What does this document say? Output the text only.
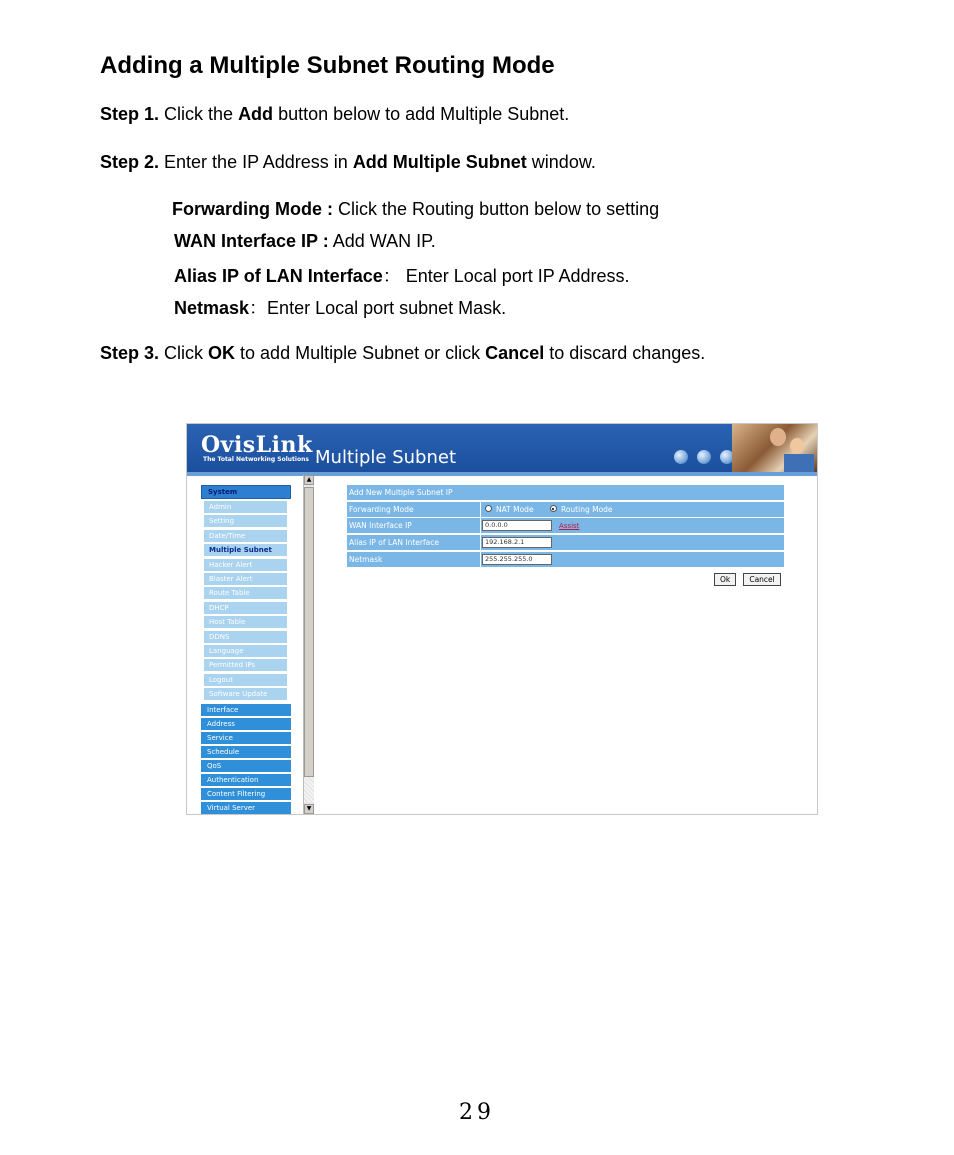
Adding a Multiple Subnet Routing Mode
Step 1. Click the Add button below to add Multiple Subnet.
Step 2. Enter the IP Address in Add Multiple Subnet window.
Forwarding Mode : Click the Routing button below to setting
WAN Interface IP : Add WAN IP.
Alias IP of LAN Interface： Enter Local port IP Address.
Netmask：Enter Local port subnet Mask.
Step 3. Click OK to add Multiple Subnet or click Cancel to discard changes.
OvisLink
The Total Networking Solutions Multiple Subnet
System
Admin
Setting
Date/Time
Multiple Subnet
Hacker Alert
Blaster Alert
Route Table
DHCP
Host Table
DDNS
Language
Permitted IPs
Logout
Software Update
Interface
Address
Service
Schedule
QoS
Authentication
Content Filtering
Virtual Server
▲
▼
Add New Multiple Subnet IP
Forwarding Mode	NAT Mode	Routing Mode
WAN Interface IP	0.0.0.0	Assist
Alias IP of LAN Interface	192.168.2.1
Netmask	255.255.255.0
Ok	Cancel
29
